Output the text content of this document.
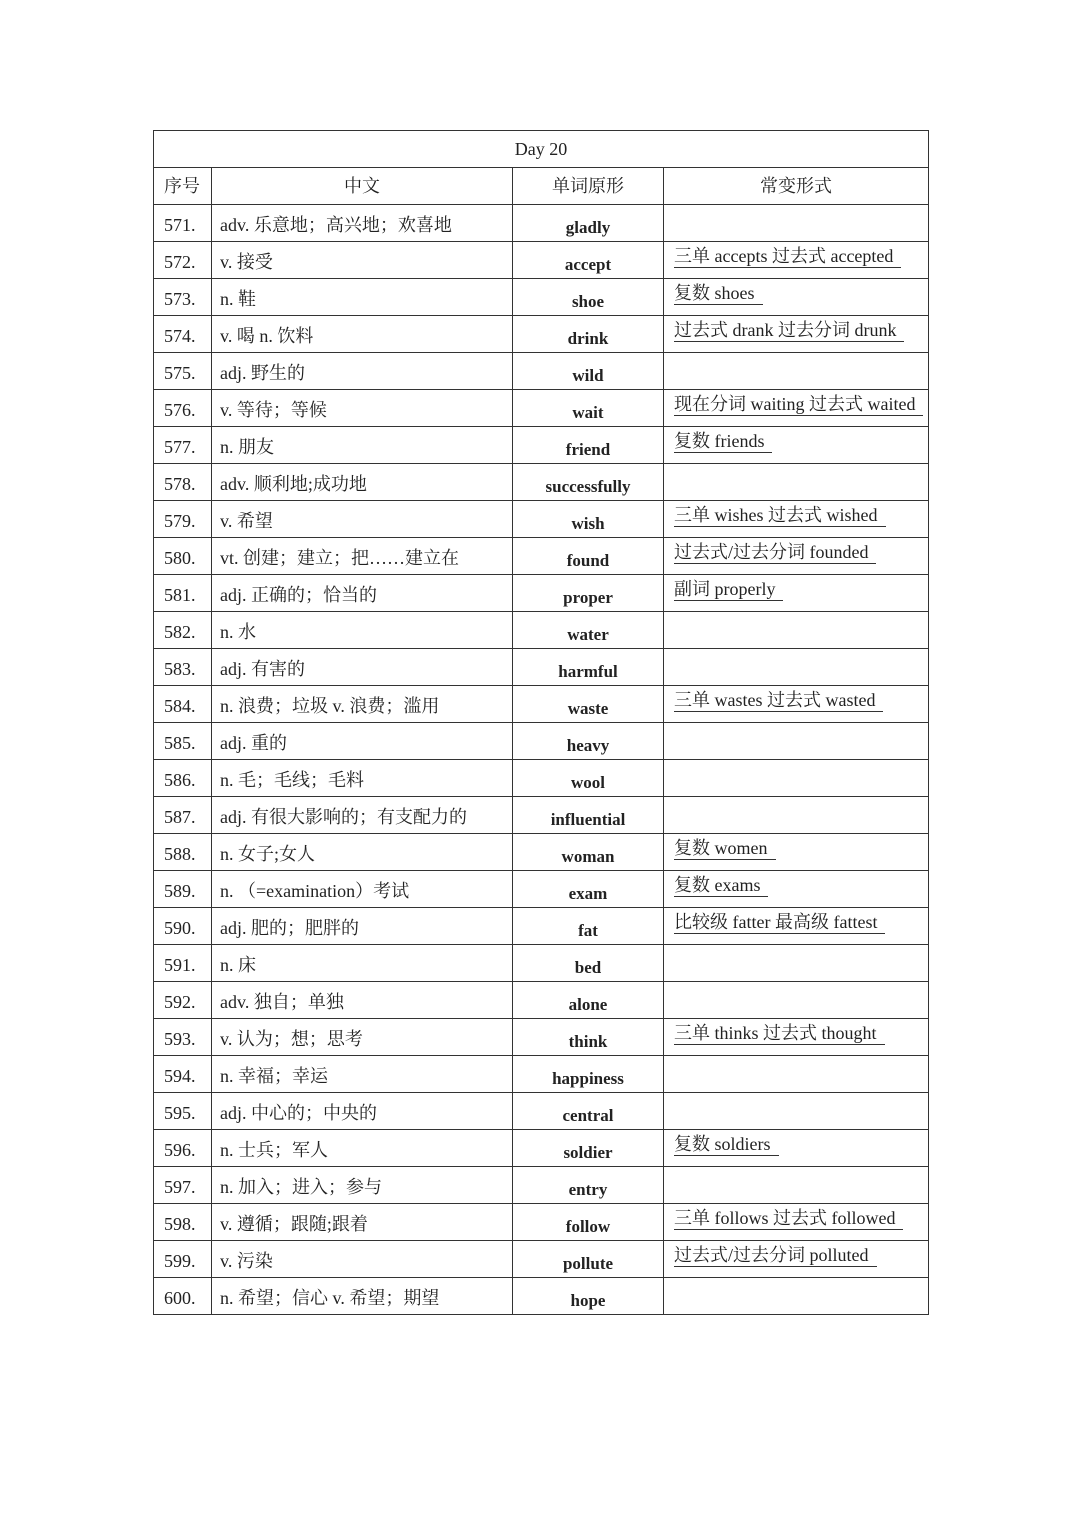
Day 20			
序号	中文	单词原形	常变形式
571.	adv. 乐意地；高兴地；欢喜地	gladly	
572.	v. 接受	accept	三单 accepts 过去式 accepted
573.	n. 鞋	shoe	复数 shoes
574.	v. 喝 n. 饮料	drink	过去式 drank 过去分词 drunk
575.	adj. 野生的	wild	
576.	v. 等待；等候	wait	现在分词 waiting 过去式 waited
577.	n. 朋友	friend	复数 friends
578.	adv. 顺利地;成功地	successfully	
579.	v. 希望	wish	三单 wishes 过去式 wished
580.	vt. 创建；建立；把……建立在	found	过去式/过去分词 founded
581.	adj. 正确的；恰当的	proper	副词 properly
582.	n. 水	water	
583.	adj. 有害的	harmful	
584.	n. 浪费；垃圾 v. 浪费；滥用	waste	三单 wastes 过去式 wasted
585.	adj. 重的	heavy	
586.	n. 毛；毛线；毛料	wool	
587.	adj. 有很大影响的；有支配力的	influential	
588.	n. 女子;女人	woman	复数 women
589.	n. （=examination）考试	exam	复数 exams
590.	adj. 肥的；肥胖的	fat	比较级 fatter 最高级 fattest
591.	n. 床	bed	
592.	adv. 独自；单独	alone	
593.	v. 认为；想；思考	think	三单 thinks 过去式 thought
594.	n. 幸福；幸运	happiness	
595.	adj. 中心的；中央的	central	
596.	n. 士兵；军人	soldier	复数 soldiers
597.	n. 加入；进入；参与	entry	
598.	v. 遵循；跟随;跟着	follow	三单 follows 过去式 followed
599.	v. 污染	pollute	过去式/过去分词 polluted
600.	n. 希望；信心 v. 希望；期望	hope	
